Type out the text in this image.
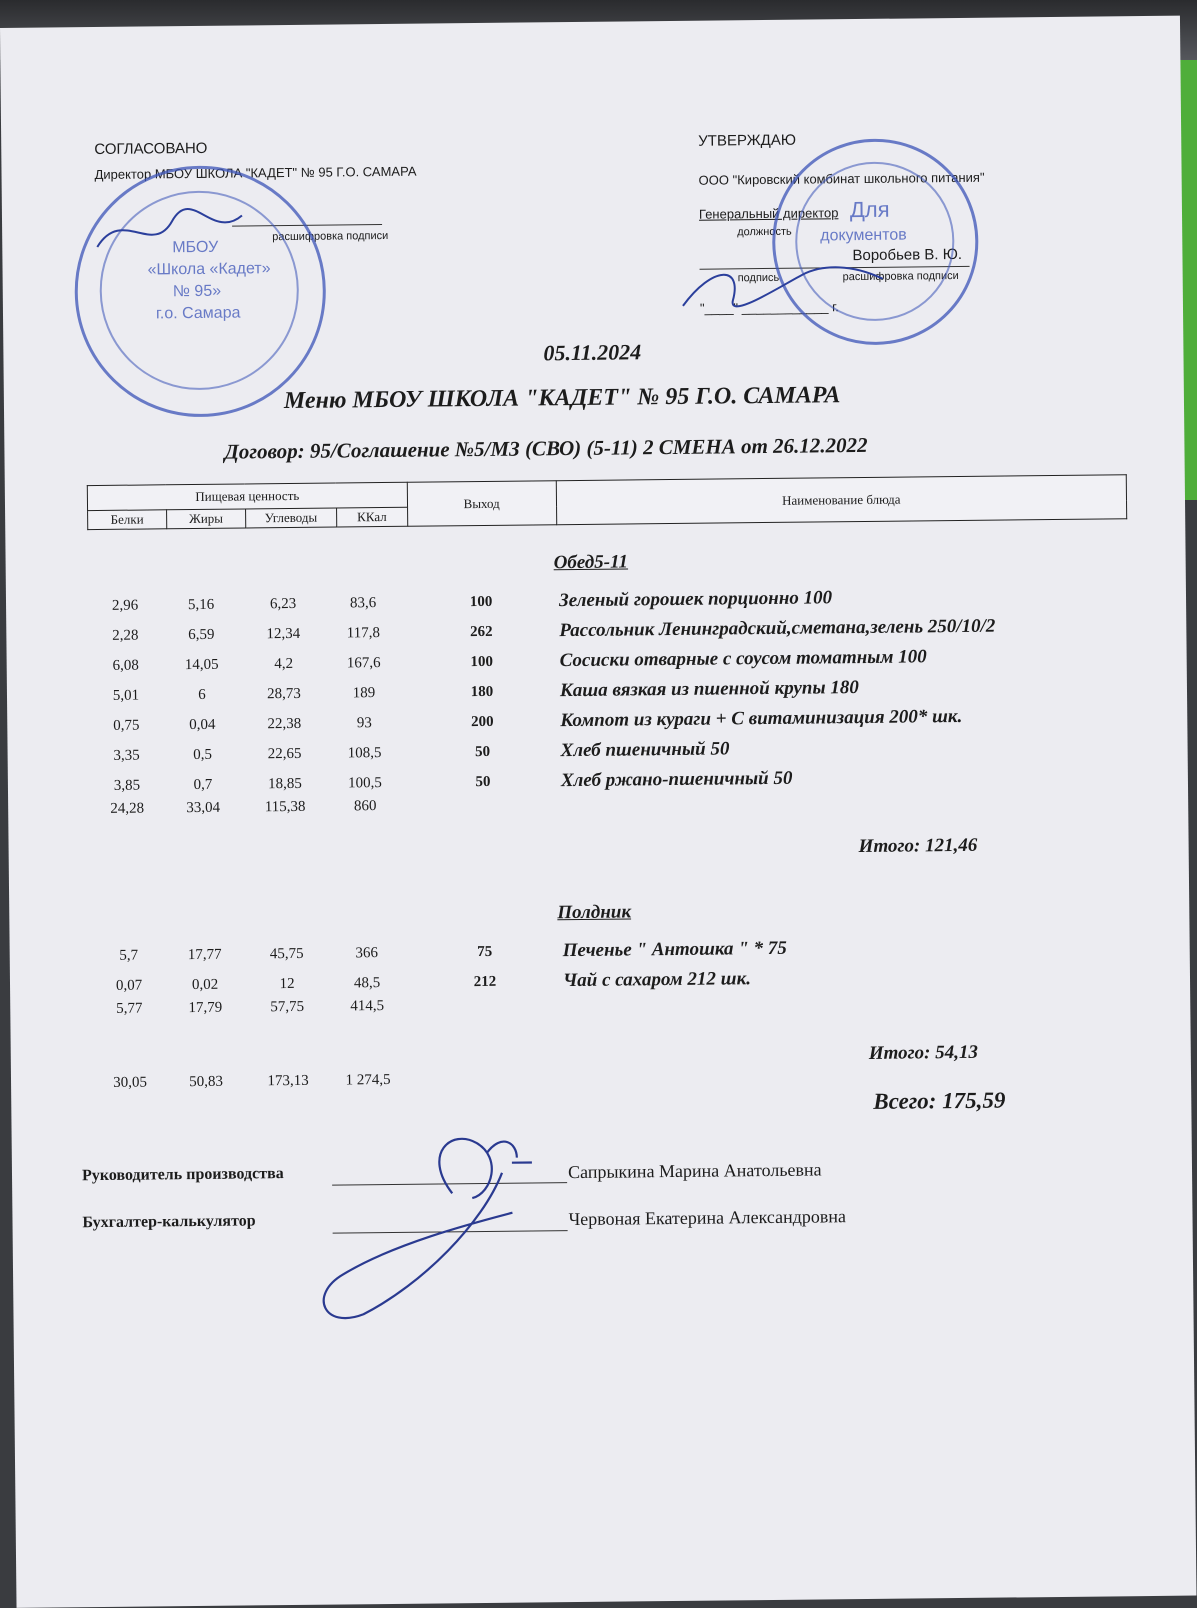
СОГЛАСОВАНО
Директор МБОУ ШКОЛА "КАДЕТ" № 95 Г.О. САМАРА
расшифровка подписи
МБОУ
«Школа «Кадет»
№ 95»
г.о. Самара
УТВЕРЖДАЮ
ООО "Кировский комбинат школьного питания"
Генеральный директор
должность
Воробьев В. Ю.
подпись	расшифровка подписи
"____" ____________ г.
Для
документов
05.11.2024
Меню МБОУ ШКОЛА "КАДЕТ" № 95 Г.О. САМАРА
Договор: 95/Соглашение №5/МЗ (СВО) (5-11) 2 СМЕНА от 26.12.2022
Пищевая ценность				Выход	Наименование блюда
Белки	Жиры	Углеводы	ККал		
Обед5-11
2,96	5,16	6,23	83,6	100	Зеленый горошек порционно 100
2,28	6,59	12,34	117,8	262	Рассольник Ленинградский,сметана,зелень 250/10/2
6,08	14,05	4,2	167,6	100	Сосиски отварные с соусом томатным 100
5,01	6	28,73	189	180	Каша вязкая из пшенной крупы 180
0,75	0,04	22,38	93	200	Компот из кураги + С витаминизация 200* шк.
3,35	0,5	22,65	108,5	50	Хлеб пшеничный 50
3,85	0,7	18,85	100,5	50	Хлеб ржано-пшеничный 50
24,28	33,04	115,38	860
Полдник
5,7	17,77	45,75	366	75	Печенье " Антошка " * 75
0,07	0,02	12	48,5	212	Чай с сахаром 212 шк.
5,77	17,79	57,75	414,5
Итого: 121,46
Итого: 54,13
30,05	50,83	173,13	1 274,5
Всего: 175,59
Руководитель производства	Сапрыкина Марина Анатольевна
Бухгалтер-калькулятор	Червоная Екатерина Александровна
